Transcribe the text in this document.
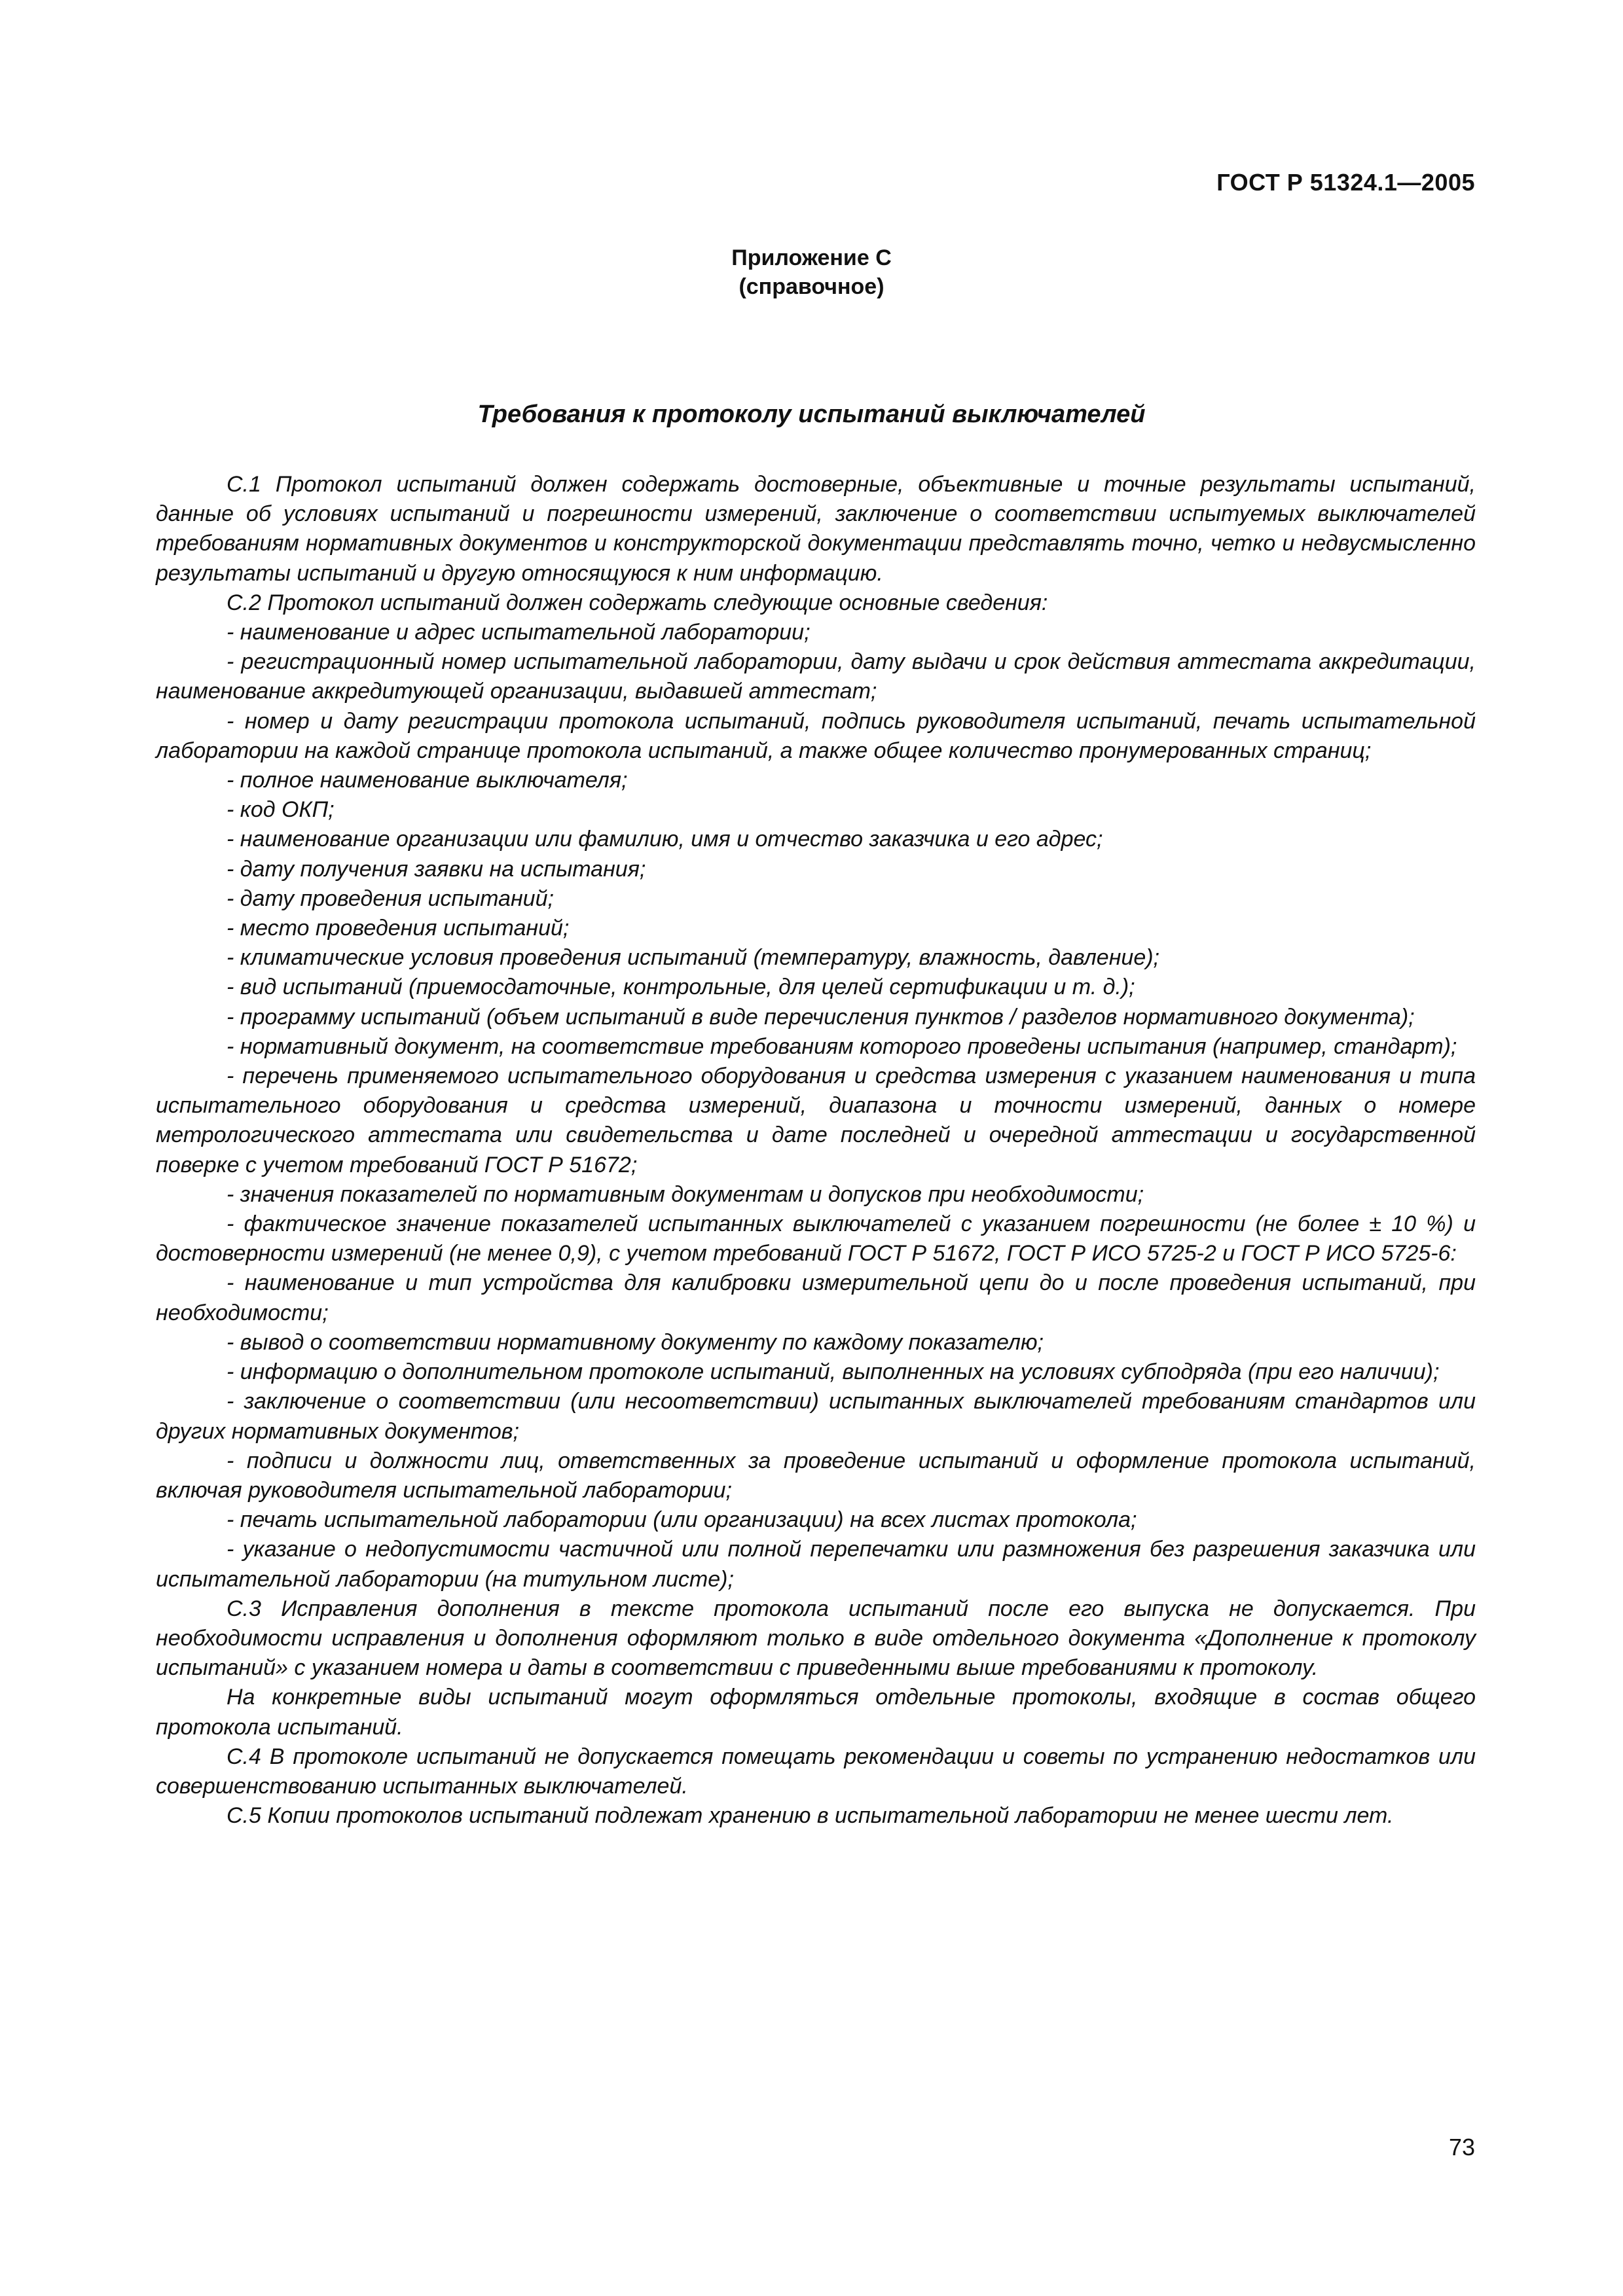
ГОСТ Р 51324.1—2005
Приложение С
(справочное)
Требования к протоколу испытаний выключателей

С.1 Протокол испытаний должен содержать достоверные, объективные и точные результаты испытаний, данные об условиях испытаний и погрешности измерений, заключение о соответствии испытуемых выключателей требованиям нормативных документов и конструкторской документации представлять точно, четко и недвусмысленно результаты испытаний и другую относящуюся к ним информацию.

С.2 Протокол испытаний должен содержать следующие основные сведения:

- наименование и адрес испытательной лаборатории;

- регистрационный номер испытательной лаборатории, дату выдачи и срок действия аттестата аккредитации, наименование аккредитующей организации, выдавшей аттестат;

- номер и дату регистрации протокола испытаний, подпись руководителя испытаний, печать испытательной лаборатории на каждой странице протокола испытаний, а также общее количество пронумерованных страниц;

- полное наименование выключателя;

- код ОКП;

- наименование организации или фамилию, имя и отчество заказчика и его адрес;

- дату получения заявки на испытания;

- дату проведения испытаний;

- место проведения испытаний;

- климатические условия проведения испытаний (температуру, влажность, давление);

- вид испытаний (приемосдаточные, контрольные, для целей сертификации и т. д.);

- программу испытаний (объем испытаний в виде перечисления пунктов / разделов нормативного документа);

- нормативный документ, на соответствие требованиям которого проведены испытания (например, стандарт);

- перечень применяемого испытательного оборудования и средства измерения с указанием наименования и типа испытательного оборудования и средства измерений, диапазона и точности измерений, данных о номере метрологического аттестата или свидетельства и дате последней и очередной аттестации и государственной поверке с учетом требований ГОСТ Р 51672;

- значения показателей по нормативным документам и допусков при необходимости;

- фактическое значение показателей испытанных выключателей с указанием погрешности (не более ± 10 %) и достоверности измерений (не менее 0,9), с учетом требований ГОСТ Р 51672, ГОСТ Р ИСО 5725-2 и ГОСТ Р ИСО 5725-6:

- наименование и тип устройства для калибровки измерительной цепи до и после проведения испытаний, при необходимости;

- вывод о соответствии нормативному документу по каждому показателю;

- информацию о дополнительном протоколе испытаний, выполненных на условиях субподряда (при его наличии);

- заключение о соответствии (или несоответствии) испытанных выключателей требованиям стандартов или других нормативных документов;

- подписи и должности лиц, ответственных за проведение испытаний и оформление протокола испытаний, включая руководителя испытательной лаборатории;

- печать испытательной лаборатории (или организации) на всех листах протокола;

- указание о недопустимости частичной или полной перепечатки или размножения без разрешения заказчика или испытательной лаборатории (на титульном листе);

С.3 Исправления дополнения в тексте протокола испытаний после его выпуска не допускается. При необходимости исправления и дополнения оформляют только в виде отдельного документа «Дополнение к протоколу испытаний» с указанием номера и даты в соответствии с приведенными выше требованиями к протоколу.

На конкретные виды испытаний могут оформляться отдельные протоколы, входящие в состав общего протокола испытаний.

С.4 В протоколе испытаний не допускается помещать рекомендации и советы по устранению недостатков или совершенствованию испытанных выключателей.

С.5 Копии протоколов испытаний подлежат хранению в испытательной лаборатории не менее шести лет.

73
